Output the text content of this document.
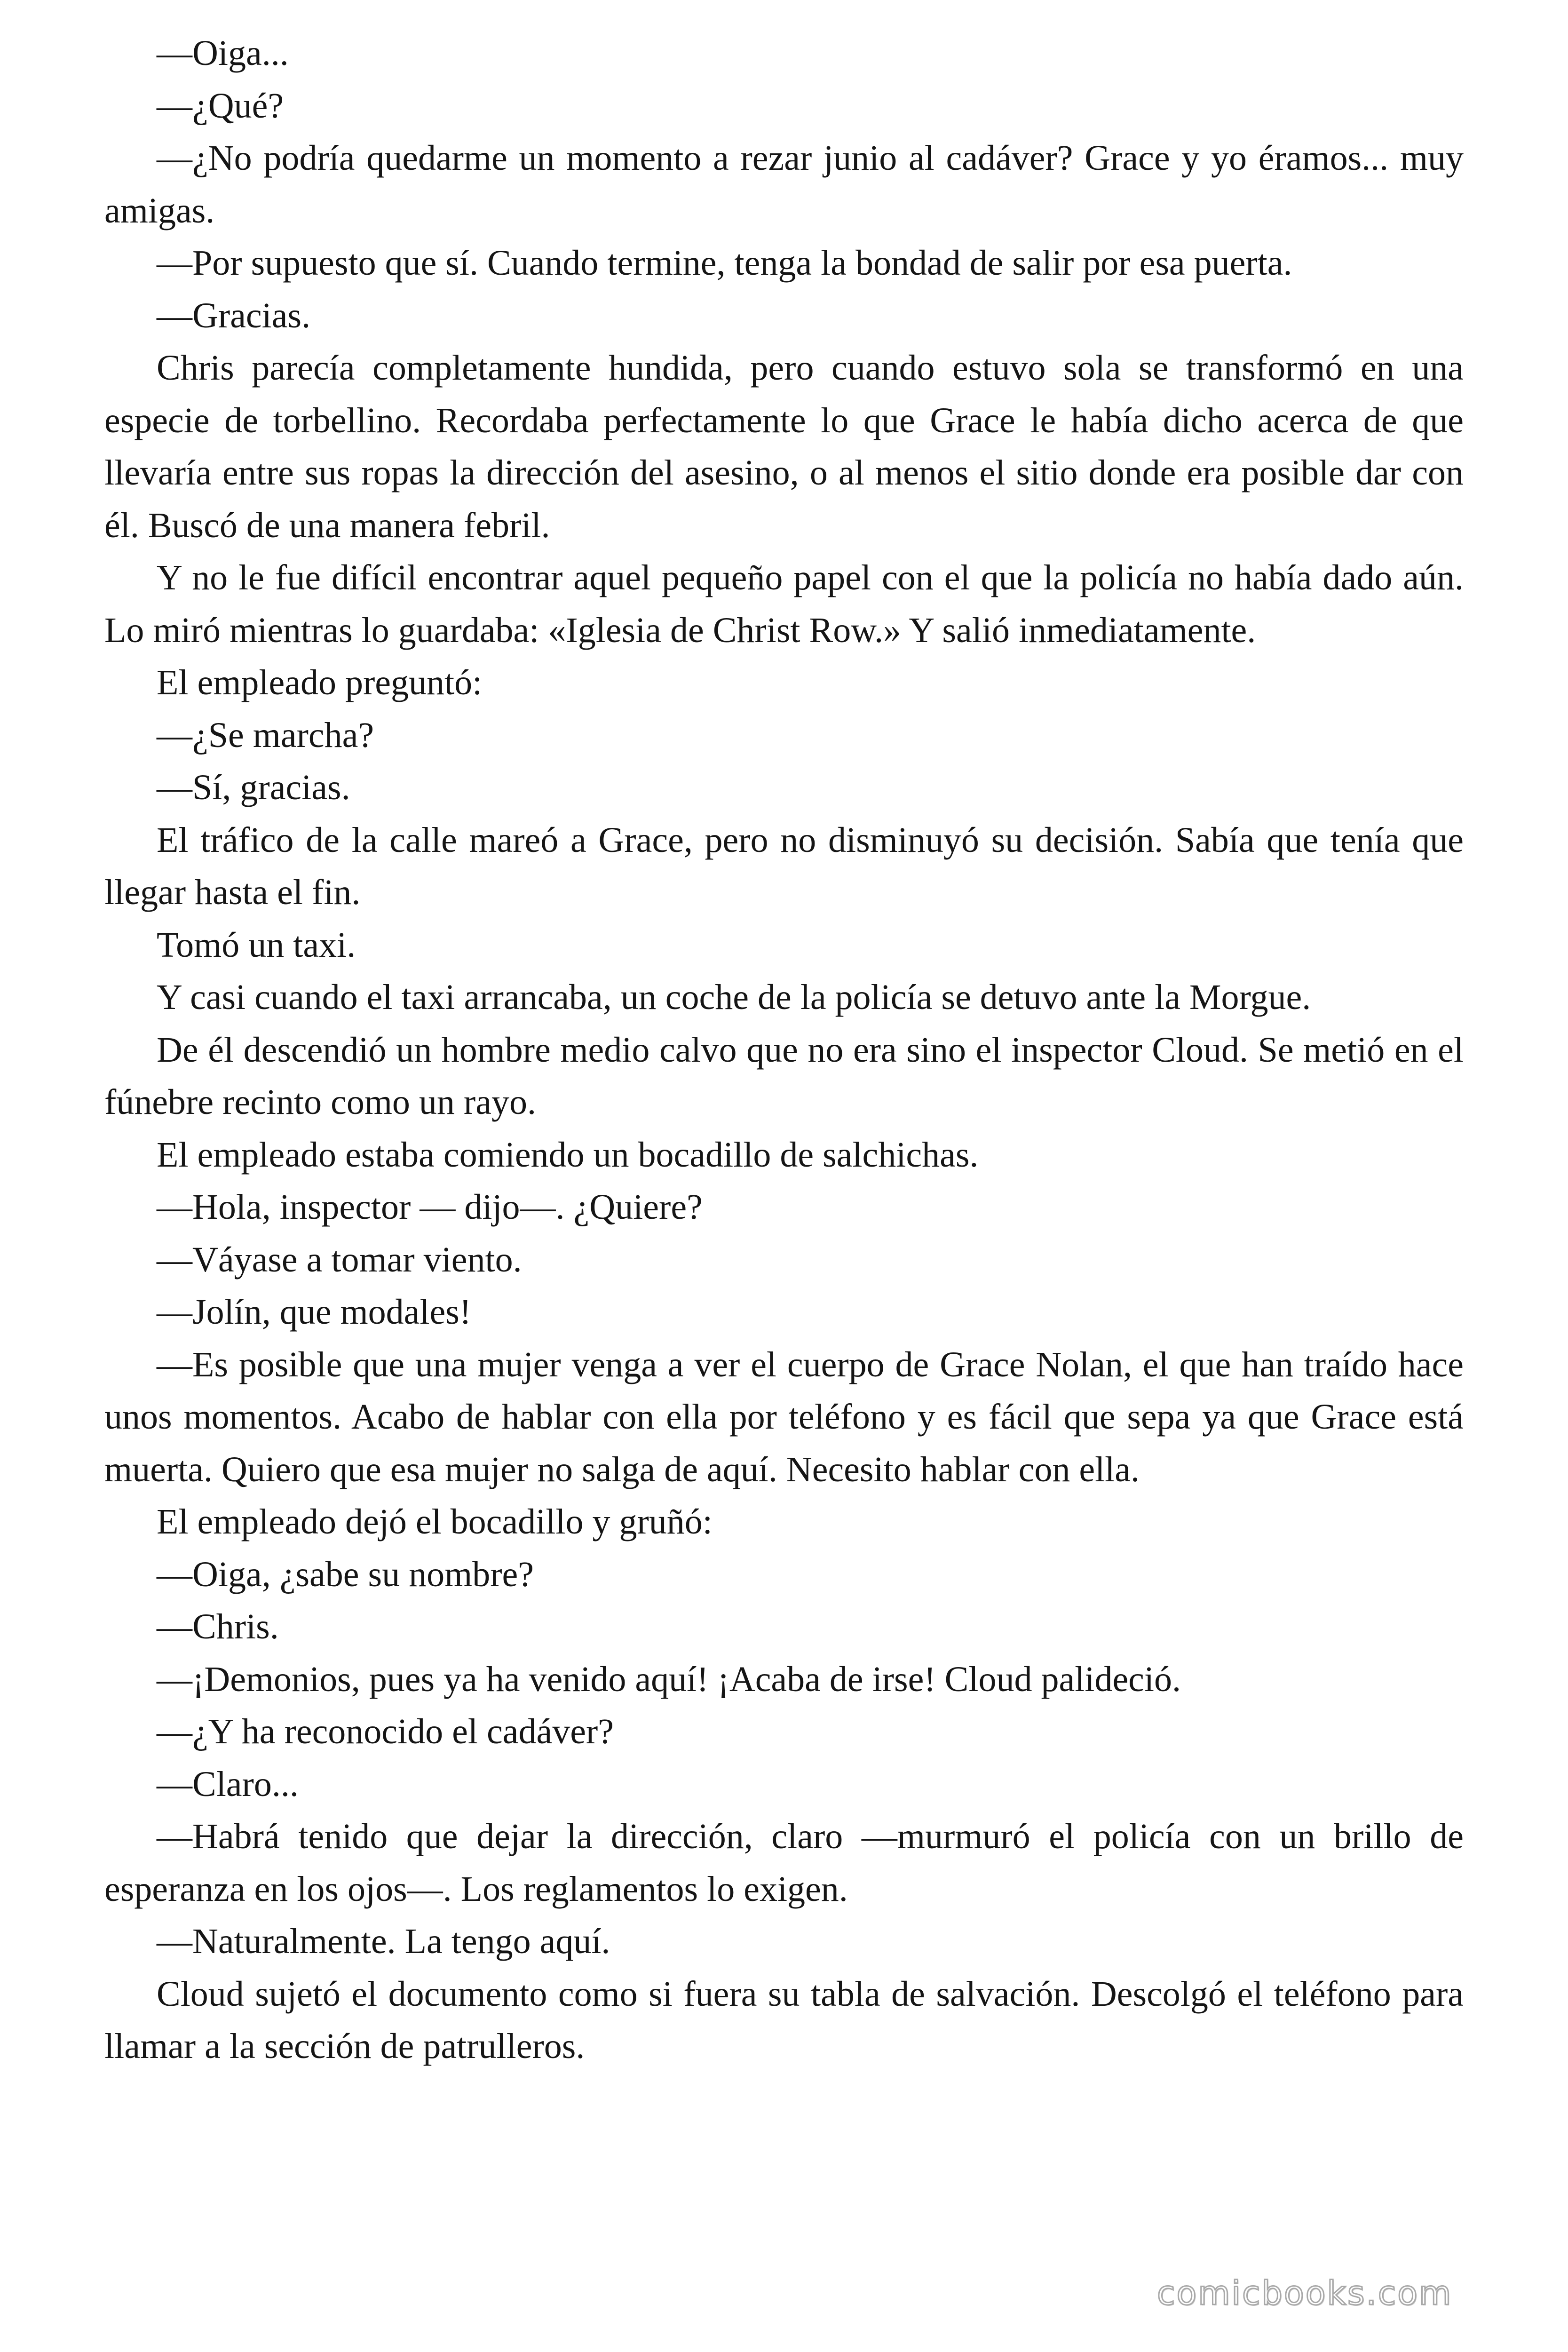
—Oiga...

—¿Qué?

—¿No podría quedarme un momento a rezar junio al cadáver? Grace y yo éramos... muy amigas.

—Por supuesto que sí. Cuando termine, tenga la bondad de salir por esa puerta.

—Gracias.

Chris parecía completamente hundida, pero cuando estuvo sola se transformó en una especie de torbellino. Recordaba perfectamente lo que Grace le había dicho acerca de que llevaría entre sus ropas la dirección del asesino, o al menos el sitio donde era posible dar con él. Buscó de una manera febril.

Y no le fue difícil encontrar aquel pequeño papel con el que la policía no había dado aún. Lo miró mientras lo guardaba: «Iglesia de Christ Row.» Y salió inmediatamente.

El empleado preguntó:

—¿Se marcha?

—Sí, gracias.

El tráfico de la calle mareó a Grace, pero no disminuyó su decisión. Sabía que tenía que llegar hasta el fin.

Tomó un taxi.

Y casi cuando el taxi arrancaba, un coche de la policía se detuvo ante la Morgue.

De él descendió un hombre medio calvo que no era sino el inspector Cloud. Se metió en el fúnebre recinto como un rayo.

El empleado estaba comiendo un bocadillo de salchichas.

—Hola, inspector — dijo—. ¿Quiere?

—Váyase a tomar viento.

—Jolín, que modales!

—Es posible que una mujer venga a ver el cuerpo de Grace Nolan, el que han traído hace unos momentos. Acabo de hablar con ella por teléfono y es fácil que sepa ya que Grace está muerta. Quiero que esa mujer no salga de aquí. Necesito hablar con ella.

El empleado dejó el bocadillo y gruñó:

—Oiga, ¿sabe su nombre?

—Chris.

—¡Demonios, pues ya ha venido aquí! ¡Acaba de irse! Cloud palideció.

—¿Y ha reconocido el cadáver?

—Claro...

—Habrá tenido que dejar la dirección, claro —murmuró el policía con un brillo de esperanza en los ojos—. Los reglamentos lo exigen.

—Naturalmente. La tengo aquí.

Cloud sujetó el documento como si fuera su tabla de salvación. Descolgó el teléfono para llamar a la sección de patrulleros.

comicbooks.com
